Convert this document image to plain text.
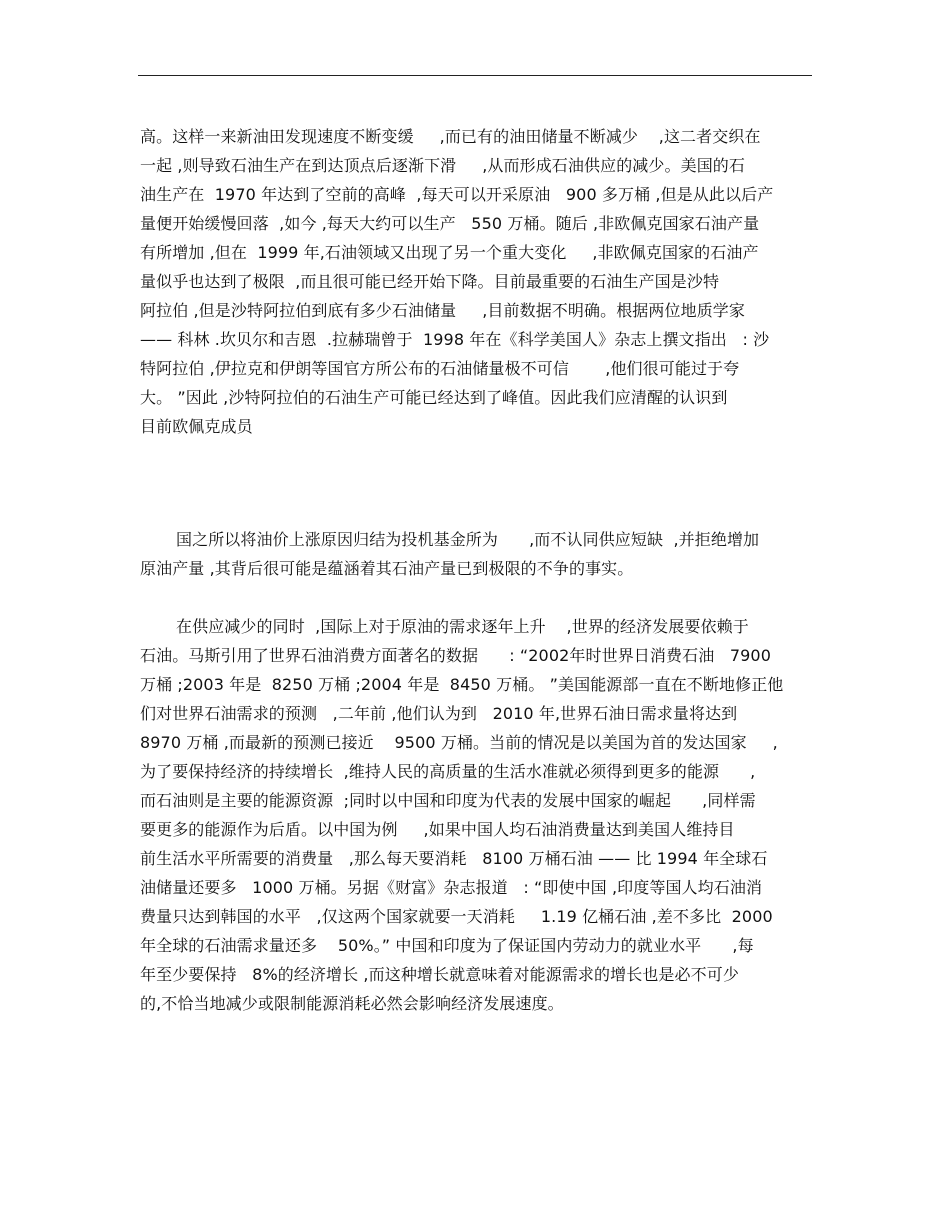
高。这样一来新油田发现速度不断变缓     ,而已有的油田储量不断减少    ,这二者交织在
一起 ,则导致石油生产在到达顶点后逐渐下滑     ,从而形成石油供应的减少。美国的石
油生产在  1970 年达到了空前的高峰  ,每天可以开采原油   900 多万桶 ,但是从此以后产
量便开始缓慢回落  ,如今 ,每天大约可以生产   550 万桶。随后 ,非欧佩克国家石油产量
有所增加 ,但在  1999 年,石油领域又出现了另一个重大变化     ,非欧佩克国家的石油产
量似乎也达到了极限  ,而且很可能已经开始下降。目前最重要的石油生产国是沙特
阿拉伯 ,但是沙特阿拉伯到底有多少石油储量     ,目前数据不明确。根据两位地质学家
—— 科林 .坎贝尔和吉恩  .拉赫瑞曾于  1998 年在《科学美国人》杂志上撰文指出   : 沙
特阿拉伯 ,伊拉克和伊朗等国官方所公布的石油储量极不可信       ,他们很可能过于夸
大。 ”因此 ,沙特阿拉伯的石油生产可能已经达到了峰值。因此我们应清醒的认识到
目前欧佩克成员
国之所以将油价上涨原因归结为投机基金所为      ,而不认同供应短缺  ,并拒绝增加
原油产量 ,其背后很可能是蕴涵着其石油产量已到极限的不争的事实。
在供应减少的同时  ,国际上对于原油的需求逐年上升    ,世界的经济发展要依赖于
石油。马斯引用了世界石油消费方面著名的数据      : “2002年时世界日消费石油   7900
万桶 ;2003 年是  8250 万桶 ;2004 年是  8450 万桶。 ”美国能源部一直在不断地修正他
们对世界石油需求的预测   ,二年前 ,他们认为到   2010 年,世界石油日需求量将达到
8970 万桶 ,而最新的预测已接近    9500 万桶。当前的情况是以美国为首的发达国家     ,
为了要保持经济的持续增长  ,维持人民的高质量的生活水准就必须得到更多的能源      ,
而石油则是主要的能源资源  ;同时以中国和印度为代表的发展中国家的崛起      ,同样需
要更多的能源作为后盾。以中国为例     ,如果中国人均石油消费量达到美国人维持目
前生活水平所需要的消费量   ,那么每天要消耗   8100 万桶石油 —— 比 1994 年全球石
油储量还要多   1000 万桶。另据《财富》杂志报道   : “即使中国 ,印度等国人均石油消
费量只达到韩国的水平   ,仅这两个国家就要一天消耗     1.19 亿桶石油 ,差不多比  2000
年全球的石油需求量还多    50%。” 中国和印度为了保证国内劳动力的就业水平      ,每
年至少要保持   8%的经济增长 ,而这种增长就意味着对能源需求的增长也是必不可少
的,不恰当地减少或限制能源消耗必然会影响经济发展速度。
